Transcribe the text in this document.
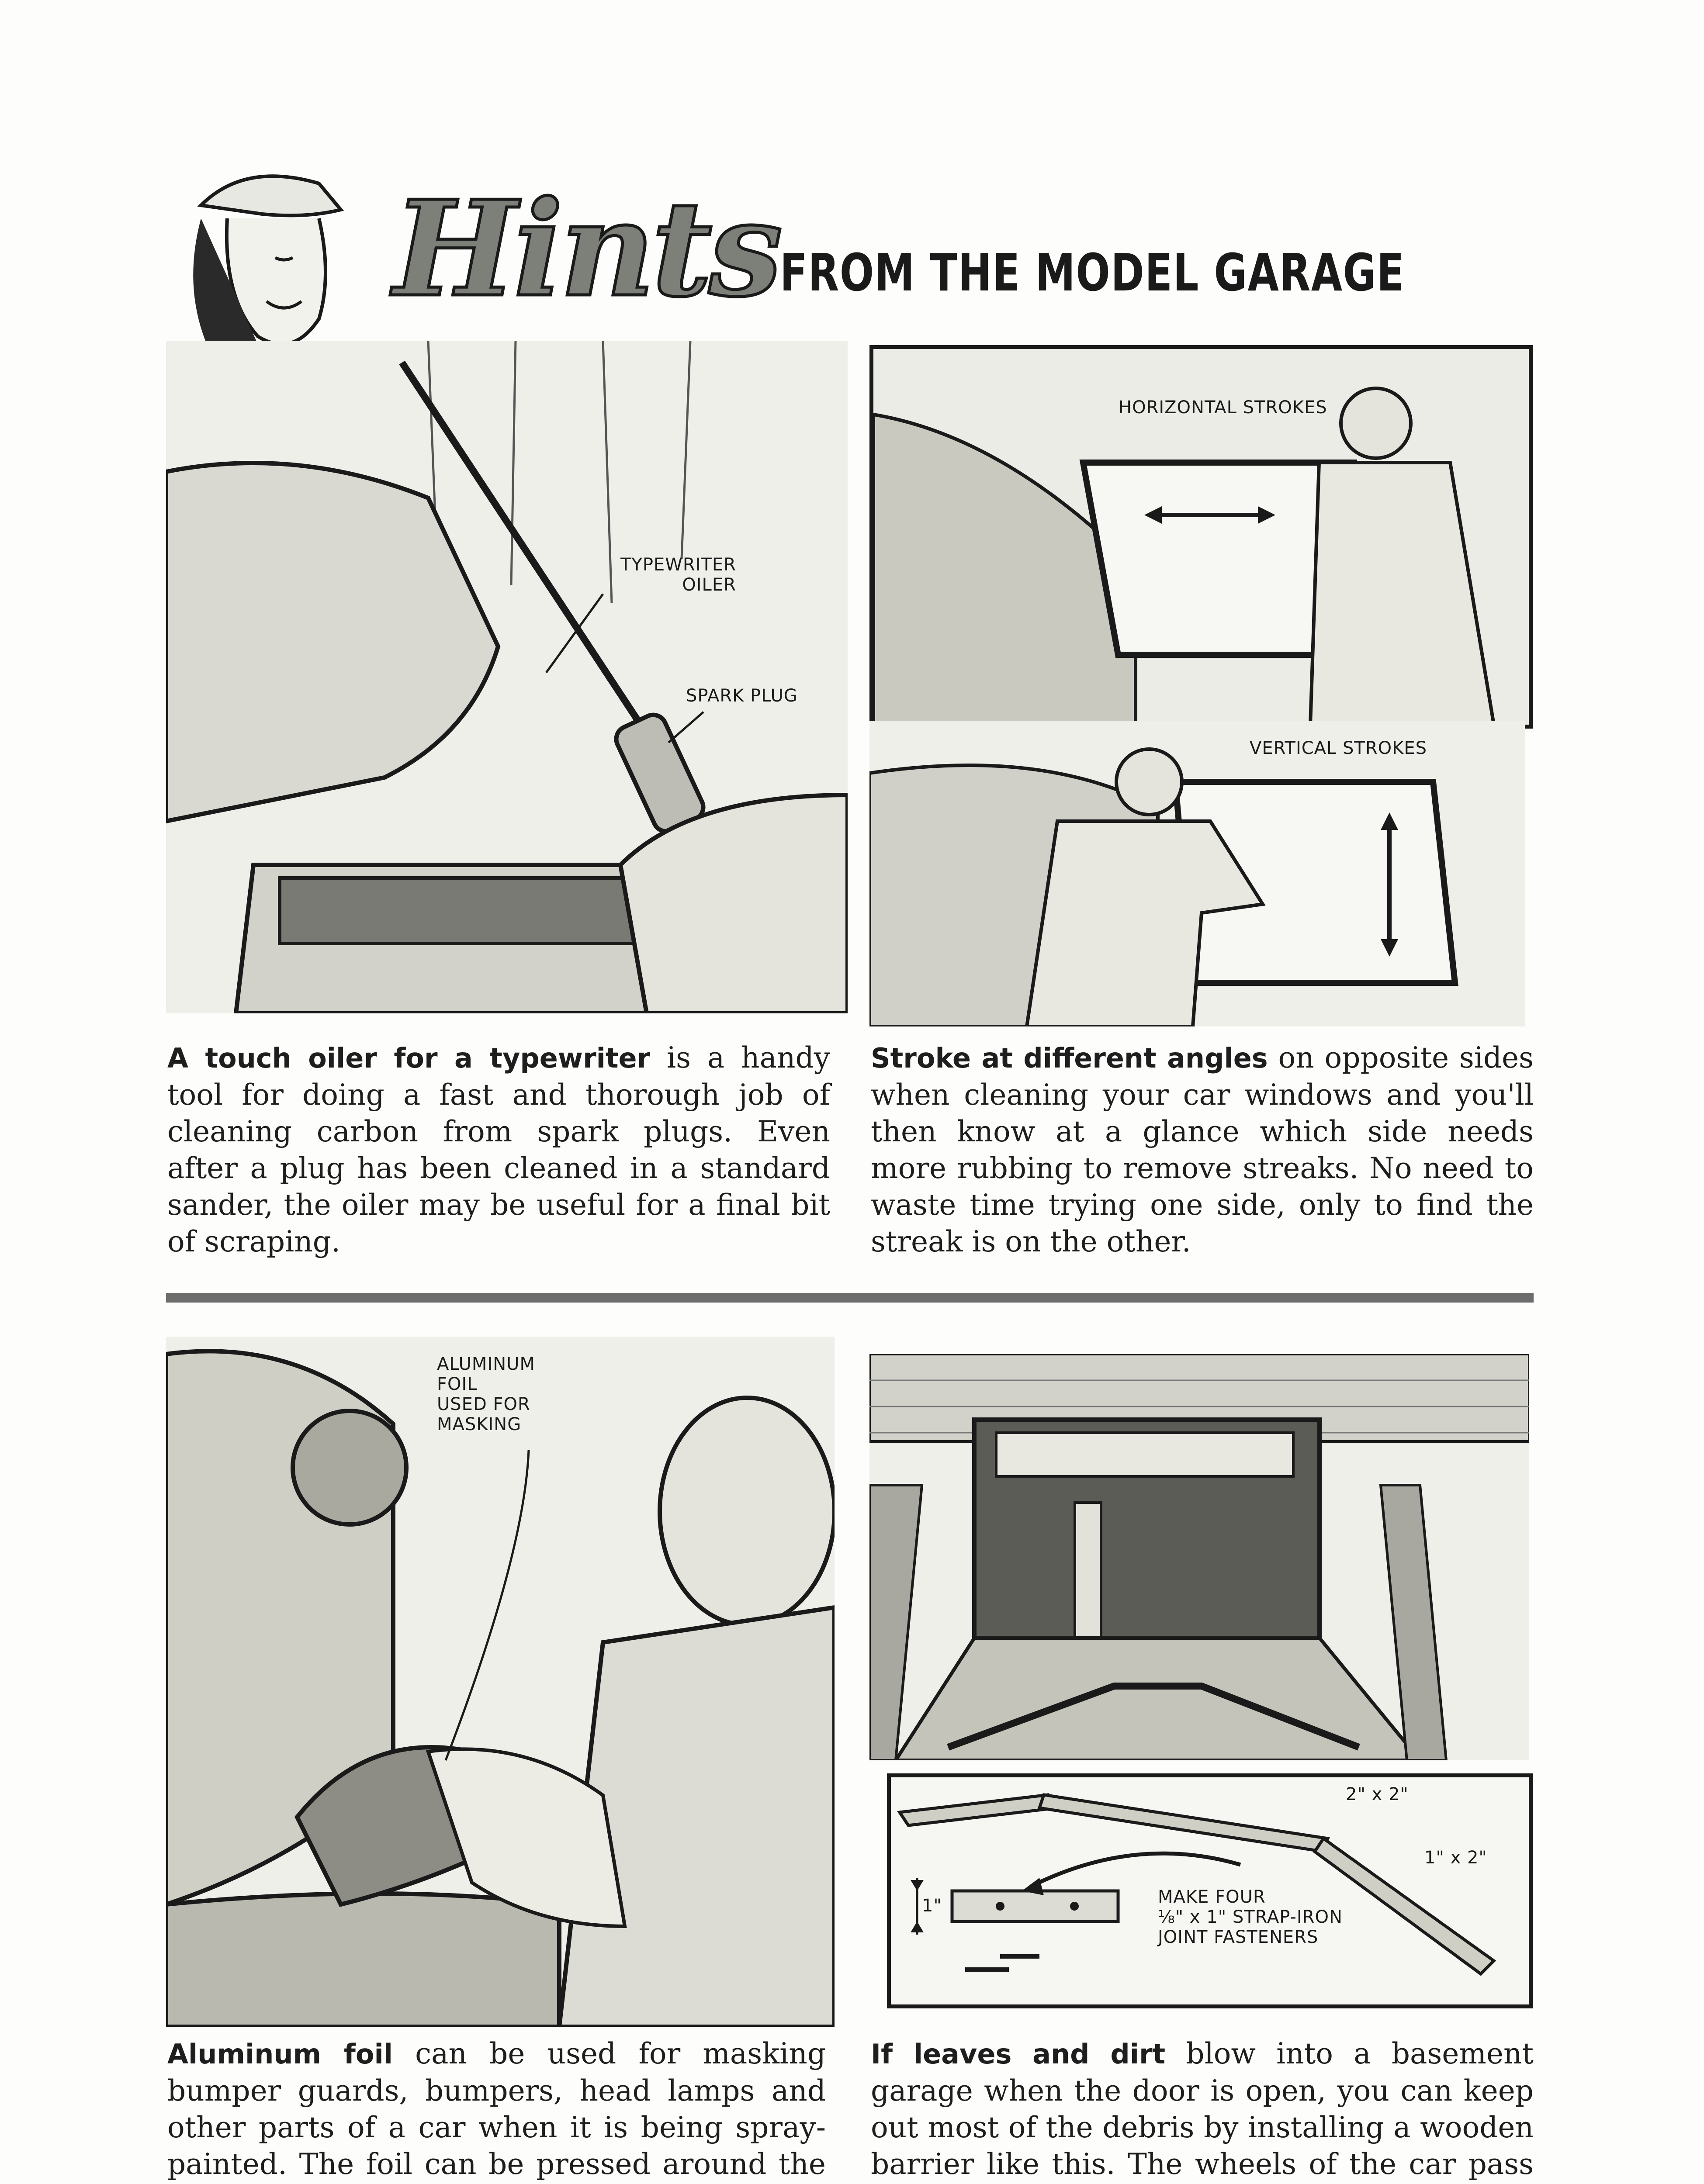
Hints FROM THE MODEL GARAGE
TYPEWRITER
OILER
SPARK PLUG
A touch oiler for a typewriter is a handy tool for doing a fast and thorough job of cleaning carbon from spark plugs. Even after a plug has been cleaned in a standard sander, the oiler may be useful for a final bit of scraping.
HORIZONTAL STROKES
VERTICAL STROKES
Stroke at different angles on opposite sides when cleaning your car windows and you'll then know at a glance which side needs more rubbing to remove streaks. No need to waste time trying one side, only to find the streak is on the other.
ALUMINUM
FOIL
USED FOR
MASKING
Aluminum foil can be used for masking bumper guards, bumpers, head lamps and other parts of a car when it is being spray-painted. The foil can be pressed around the
2" x 2"
1" x 2"
1"	MAKE FOUR
⅛" x 1" STRAP-IRON
JOINT FASTENERS
If leaves and dirt blow into a basement garage when the door is open, you can keep out most of the debris by installing a wooden barrier like this. The wheels of the car pass
